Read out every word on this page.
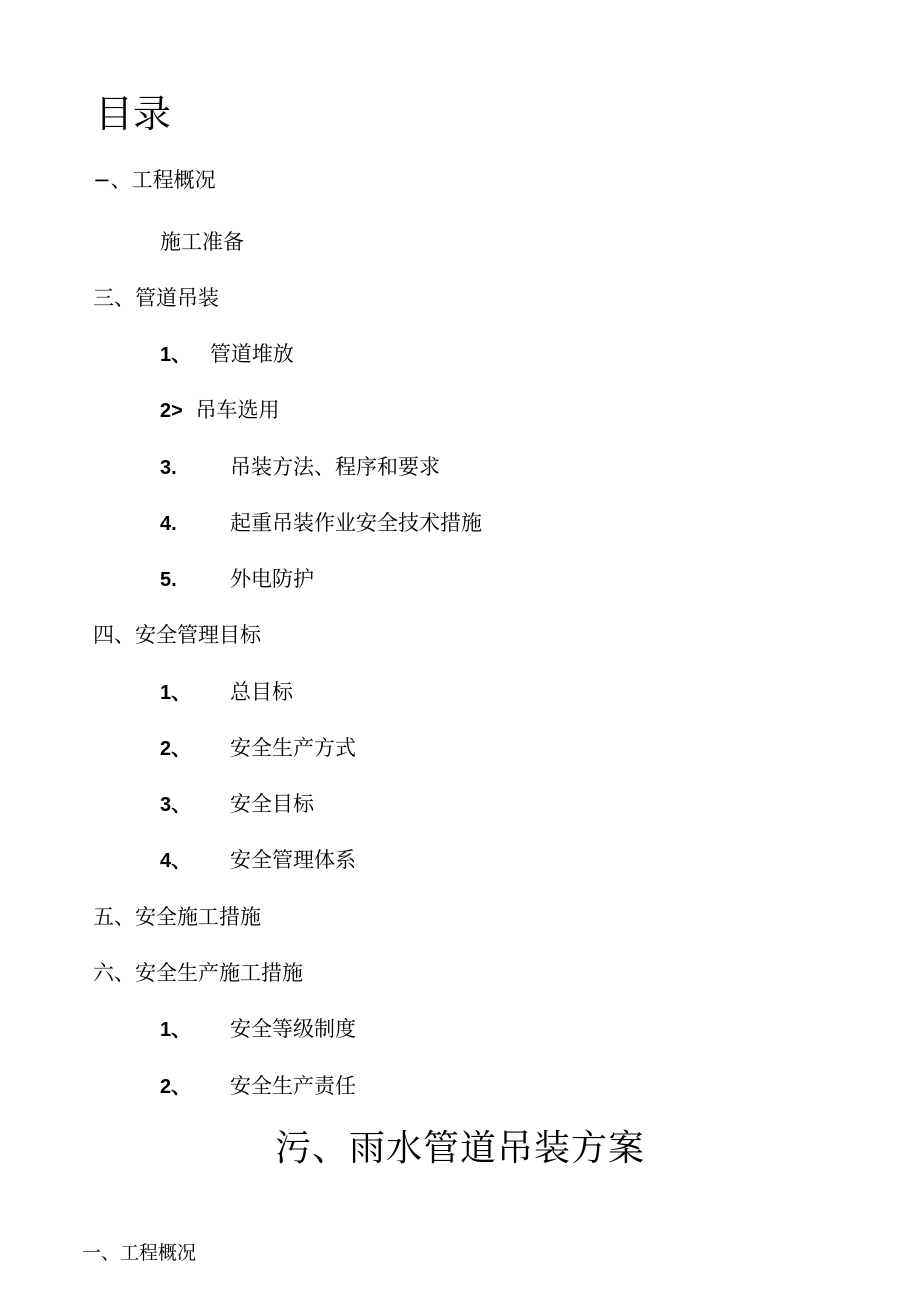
目录
−、工程概况
施工准备
三、管道吊装
1、 管道堆放
2> 吊车选用
3.	吊装方法、程序和要求
4.	起重吊装作业安全技术措施
5.	外电防护
四、安全管理目标
1、 总目标
2、 安全生产方式
3、 安全目标
4、 安全管理体系
五、安全施工措施
六、安全生产施工措施
1、 安全等级制度
2、 安全生产责任
污、雨水管道吊装方案
一、工程概况
